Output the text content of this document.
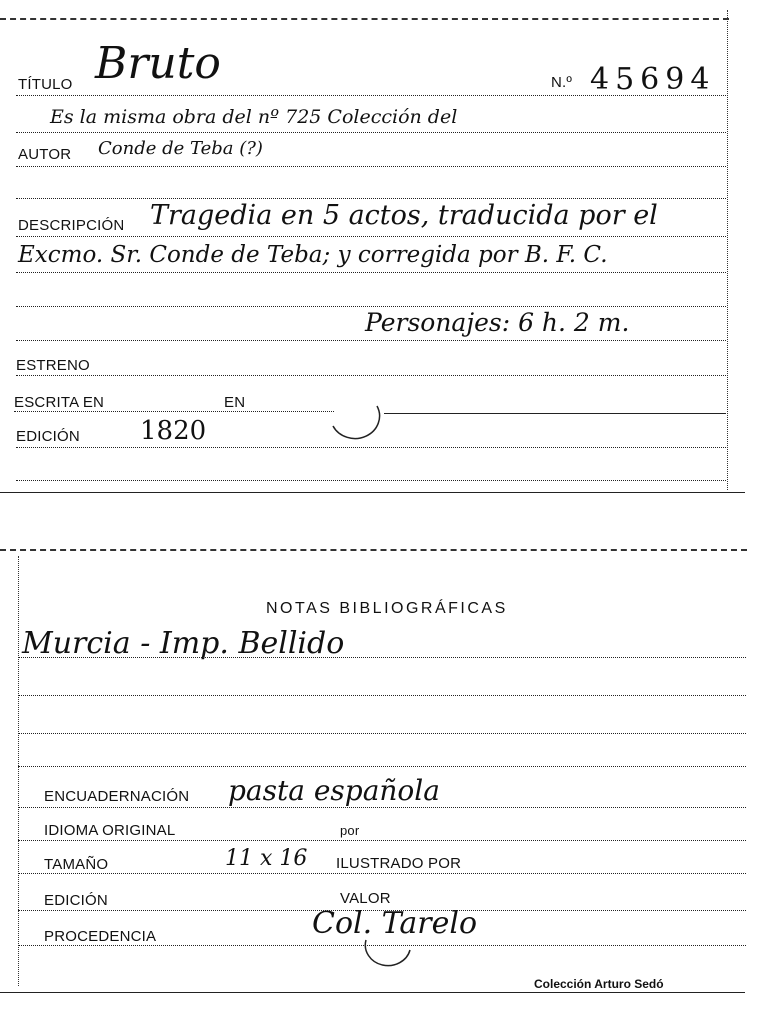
TÍTULO Bruto	N.º 45694
Es la misma obra del nº 725 Colección del
AUTOR Conde de Teba (?)
DESCRIPCIÓN Tragedia en 5 actos, traducida por el
Excmo. Sr. Conde de Teba; y corregida por B. F. C.
Personajes: 6 h. 2 m.
ESTRENO
ESCRITA EN	EN
EDICIÓN 1820
NOTAS BIBLIOGRÁFICAS
Murcia - Imp. Bellido
ENCUADERNACIÓN pasta española
IDIOMA ORIGINAL	por
TAMAÑO	11 x 16 ILUSTRADO POR
EDICIÓN	VALOR
PROCEDENCIA	Col. Tarelo
Colección Arturo Sedó
